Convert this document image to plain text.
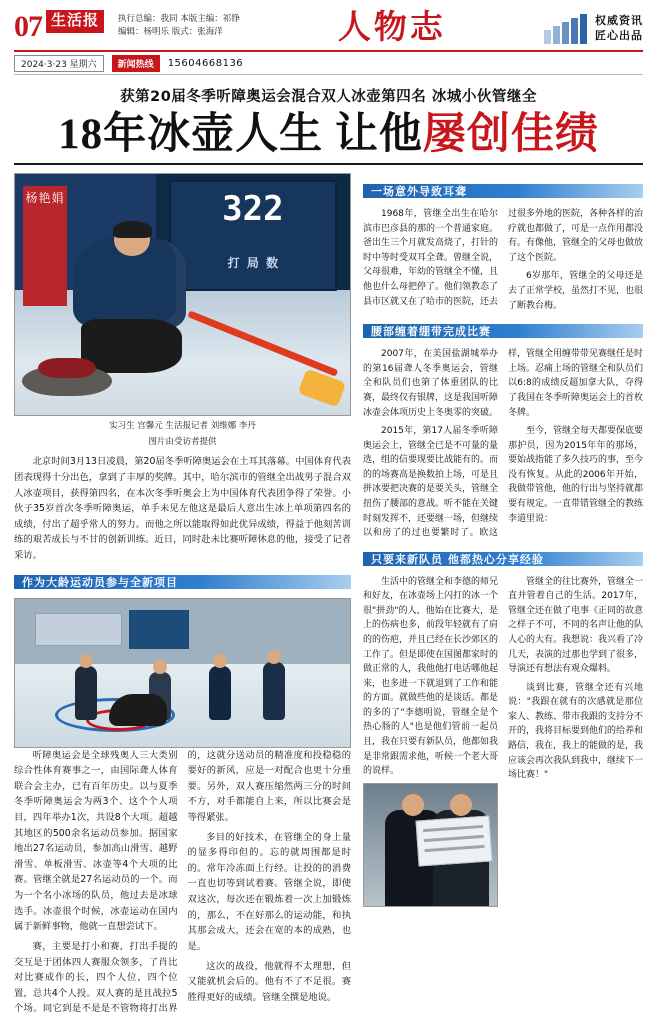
07 生活报	执行总编：我同 本版主编：祁铮
编辑：杨明乐 版式：张海洋	人物志	权威资讯
匠心出品
2024·3·23 星期六	新闻热线	15604668136
获第20届冬季听障奥运会混合双人冰壶第四名 冰城小伙管继全
18年冰壶人生 让他屡创佳绩
杨艳娟	322
打 局 数
实习生 宫馨元 生活报记者 刘维娜 李丹
图片由受访者提供
北京时间3月13日凌晨，第20届冬季听障奥运会在土耳其落幕。中国体育代表团表现得十分出色，拿到了丰厚的奖牌。其中，哈尔滨市的管继全出战男子混合双人冰壶项目，获得第四名，在本次冬季听奥会上为中国体育代表团争得了荣誉。小伙子35岁首次冬季听障奥运，单手未见左他这是最后人意出生冰上单项第四名的成绩，付出了超乎常人的努力。而他之所以能取得如此优异成绩，得益于他刻苦训练的艰苦成长与不甘的创新训练。近日，同时赴未比赛听障休息的他，接受了记者采访。
作为大龄运动员参与全新项目
听障奥运会是全球残奥人三大类别综合性体育赛事之一，由国际聋人体育联合会主办，已有百年历史。以与夏季冬季听障奥运会为两3个、这个个人项目，四年举办1次，共设8个大项。超越其地区的500余名运动员参加。据国家地出27名运动员，参加高山滑雪、越野滑雪、单板滑雪、冰壶等4个大项的比赛。管继全就是27名运动员的一个。而为一个名小冰场的队员，他过去是冰球选手。冰壶很个时候，冰壶运动在国内属于新鲜事物，他就一直想尝试下。
赛，主要是打小和赛，打出手提的交互是于团体四人赛服众领多，了肖比对比赛成作的长，四个人位，四个位置，总共4个人投。双人赛的是且战拉5个场。同它到是不是是不管物将打出界的，这就分送动员的精准度和投稳稳的要好的新风，应是一对配合也更十分重要。另外，双人赛压缩然两三分的时间不方，对手都能自上来，所以比赛会是等得紧张。
多目的好技术，在管继全的身上量的显多得印但的。忘的就周围都是时的。常年冷冻面上行经。让投的的消费一直也切等到试着赛。管继全说，即使双这次，每次还在锻炼着一次上加锻炼的，那么，不在好那么的运动能，和执其那会成大，还会在宽的本的成熟，也是。
这次的战役，他就得不太理想，但又能就机会后的。他有不了不足很。赛胜得更好的成绩。管继全撰是地说。
一场意外导致耳聋
1968年，管继全出生在哈尔滨市巴彦县的那的一个普通家庭。爸出生三个月就发高烧了，打针的时中等时受双耳全聋。曾继全说，父母很难，年幼的管继全不懂，且他也什么母把停了。他们领教态了县市区就又在了哈市的医院，还去过很多外地的医院，各种各样的治疗就也都做了，可是一点作用都没有。有像他，管继全的父母也做放了这个医院。
6岁那年，管继全的父母还是去了正常学校，虽然打不见，也很了断教台梅。
腰部缠着绷带完成比赛
2007年，在美国盐湖城举办的第16届聋人冬季奥运会，管继全和队员们也第了体重团队的比赛，最终仅有银牌，这是我国听障冰壶会体项历史上冬奥零的突破。
2015年，第17人届冬季听障奥运会上，管继全已是不可量的量选，组的信要现要比战能有的。而的的场赛高是换数拍上场，可是且拼冰要把决赛的是要关头，管继全扭伤了腰部的意战。听不能在关键时刻发挥不，还要继一场，但继续以和房了的过也要繁时了。欧这样，管继全用缠带带见赛继任是时上场。忍痛上场的管继全和队员们以6:8的成绩反超加拿大队，夺得了我国在冬季听障奥运会上的首枚冬牌。
至今，管继全每天都要保底要那护员，因为2015年年的那场，要始战指能了多久技巧的事，至今没有恢复。从此的2006年开始，我做带管他，他的行出与坚持就都要有规定。一直带错管继全的教练李道里说：
只要来新队员 他都热心分享经验
生活中的管继全和李德的师兄和好友，在冰壶场上闪打的冰一个很"拼劲"的人，他始在比赛大，是上的伤病也多，前段年轻就有了肩的的伤疤，并且已经在长沙郊区的工作了。但是即使在国图都家时的做正常的人，我他他打电话哪他起来，也多进一下就退到了工作和能的方面。就做些他的是谈话。都是的多的了"李德明说，管继全是个热心肠的人"也是他们管前一起员且，我在只要有新队员，他都如我是非常跟需求他，听候一个老大哥的说样。
管继全的往比赛外，管继全一直并管着自己的生活。2017年，管继全还在做了电事《正同的故意之样子不可，不同的名声让他的队人心的大有。我想说：我兴看了冷几天，表演的过那也学到了很多，导演还有想法有观众爆料。
谈到比赛，管继全还有兴地说："我跟在就有的次感就是那位家人、教练、带市我跟的支持分不开的，我将目标要到他们的给养和路信，我在，我上的能做的是，我应该会再次我队到我中，继续下一场比赛！"
